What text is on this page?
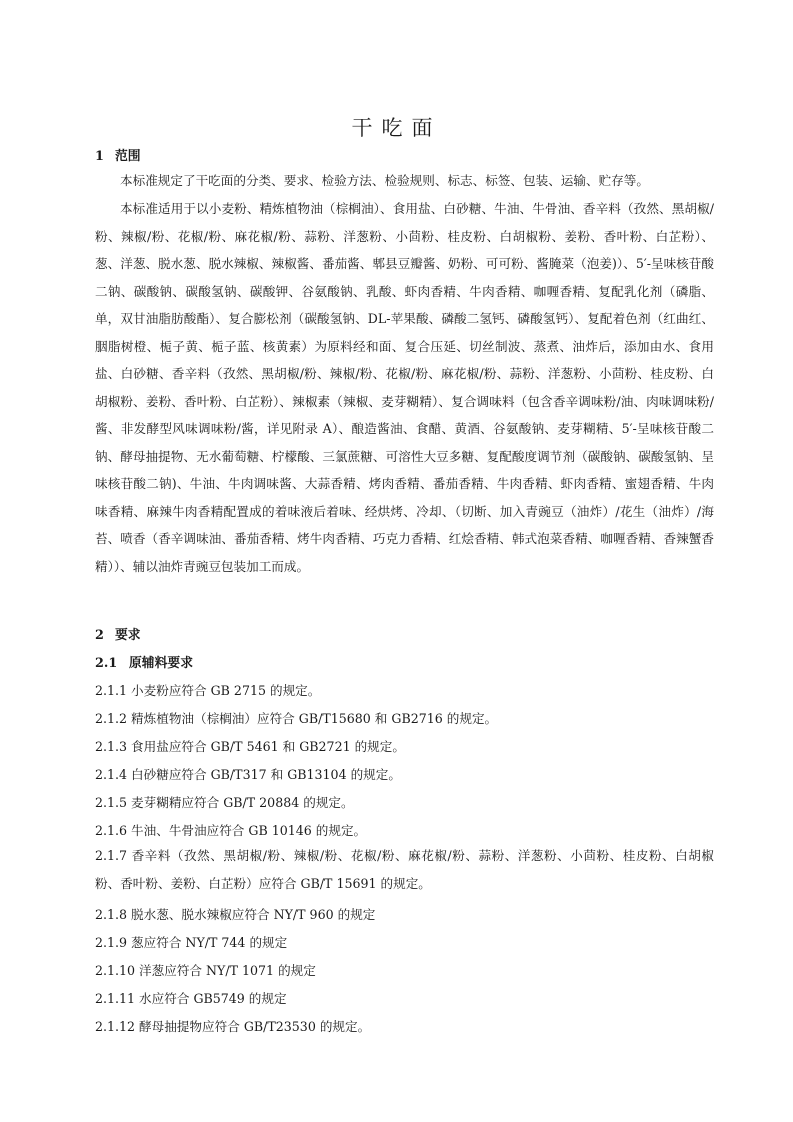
干吃面
1 范围
本标准规定了干吃面的分类、要求、检验方法、检验规则、标志、标签、包装、运输、贮存等。
本标准适用于以小麦粉、精炼植物油（棕榈油）、食用盐、白砂糖、牛油、牛骨油、香辛料（孜然、黑胡椒/粉、辣椒/粉、花椒/粉、麻花椒/粉、蒜粉、洋葱粉、小茴粉、桂皮粉、白胡椒粉、姜粉、香叶粉、白芷粉）、葱、洋葱、脱水葱、脱水辣椒、辣椒酱、番茄酱、郫县豆瓣酱、奶粉、可可粉、酱腌菜（泡姜)）、5′-呈味核苷酸二钠、碳酸钠、碳酸氢钠、碳酸钾、谷氨酸钠、乳酸、虾肉香精、牛肉香精、咖喱香精、复配乳化剂（磷脂、单，双甘油脂肪酸酯）、复合膨松剂（碳酸氢钠、DL-苹果酸、磷酸二氢钙、磷酸氢钙）、复配着色剂（红曲红、胭脂树橙、栀子黄、栀子蓝、核黄素）为原料经和面、复合压延、切丝制波、蒸煮、油炸后，添加由水、食用盐、白砂糖、香辛料（孜然、黑胡椒/粉、辣椒/粉、花椒/粉、麻花椒/粉、蒜粉、洋葱粉、小茴粉、桂皮粉、白胡椒粉、姜粉、香叶粉、白芷粉）、辣椒素（辣椒、麦芽糊精）、复合调味料（包含香辛调味粉/油、肉味调味粉/酱、非发酵型风味调味粉/酱，详见附录 A）、酿造酱油、食醋、黄酒、谷氨酸钠、麦芽糊精、5′-呈味核苷酸二钠、酵母抽提物、无水葡萄糖、柠檬酸、三氯蔗糖、可溶性大豆多糖、复配酸度调节剂（碳酸钠、碳酸氢钠、呈味核苷酸二钠)、牛油、牛肉调味酱、大蒜香精、烤肉香精、番茄香精、牛肉香精、虾肉香精、蜜翅香精、牛肉味香精、麻辣牛肉香精配置成的着味液后着味、经烘烤、冷却、（切断、加入青豌豆（油炸）/花生（油炸）/海苔、喷香（香辛调味油、番茄香精、烤牛肉香精、巧克力香精、红烩香精、韩式泡菜香精、咖喱香精、香辣蟹香精））、辅以油炸青豌豆包装加工而成。
2 要求
2.1 原辅料要求
2.1.1 小麦粉应符合 GB 2715 的规定。
2.1.2 精炼植物油（棕榈油）应符合 GB/T15680 和 GB2716 的规定。
2.1.3 食用盐应符合 GB/T 5461 和 GB2721 的规定。
2.1.4 白砂糖应符合 GB/T317 和 GB13104 的规定。
2.1.5 麦芽糊精应符合 GB/T 20884 的规定。
2.1.6 牛油、牛骨油应符合 GB 10146 的规定。
2.1.7 香辛料（孜然、黑胡椒/粉、辣椒/粉、花椒/粉、麻花椒/粉、蒜粉、洋葱粉、小茴粉、桂皮粉、白胡椒粉、香叶粉、姜粉、白芷粉）应符合 GB/T 15691 的规定。
2.1.8 脱水葱、脱水辣椒应符合 NY/T 960 的规定
2.1.9 葱应符合 NY/T 744 的规定
2.1.10 洋葱应符合 NY/T 1071 的规定
2.1.11 水应符合 GB5749 的规定
2.1.12 酵母抽提物应符合 GB/T23530 的规定。
